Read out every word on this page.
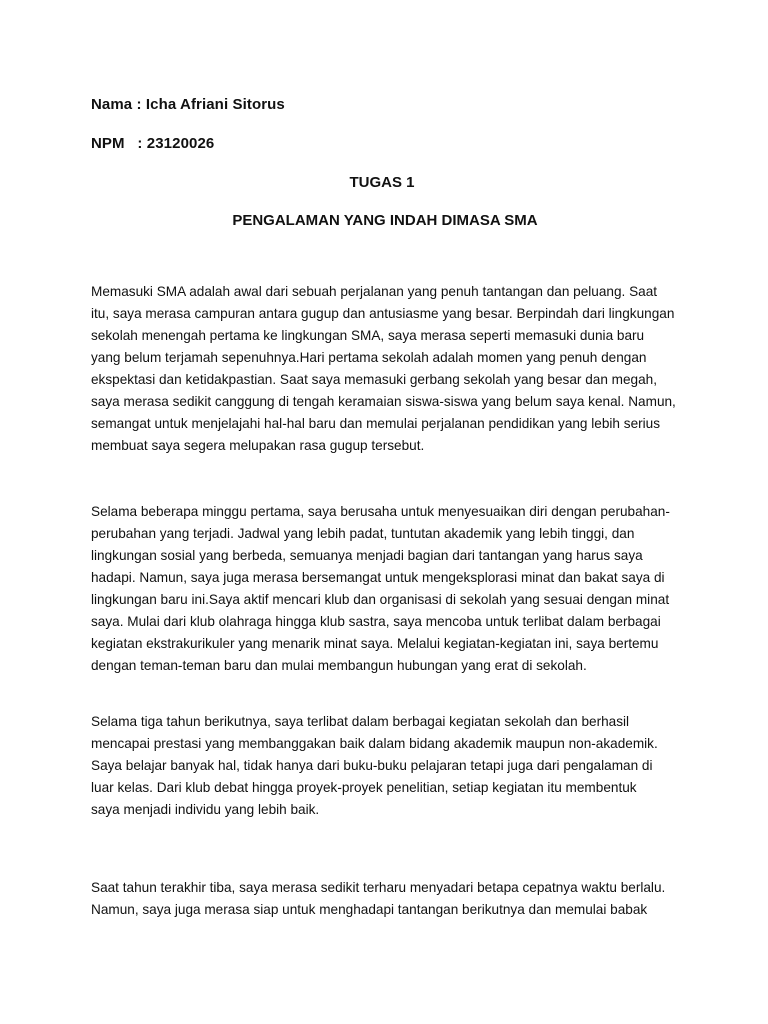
Nama : Icha Afriani Sitorus
NPM   : 23120026
TUGAS 1
PENGALAMAN YANG INDAH DIMASA SMA
Memasuki SMA adalah awal dari sebuah perjalanan yang penuh tantangan dan peluang. Saat
itu, saya merasa campuran antara gugup dan antusiasme yang besar. Berpindah dari lingkungan
sekolah menengah pertama ke lingkungan SMA, saya merasa seperti memasuki dunia baru
yang belum terjamah sepenuhnya.Hari pertama sekolah adalah momen yang penuh dengan
ekspektasi dan ketidakpastian. Saat saya memasuki gerbang sekolah yang besar dan megah,
saya merasa sedikit canggung di tengah keramaian siswa-siswa yang belum saya kenal. Namun,
semangat untuk menjelajahi hal-hal baru dan memulai perjalanan pendidikan yang lebih serius
membuat saya segera melupakan rasa gugup tersebut.
Selama beberapa minggu pertama, saya berusaha untuk menyesuaikan diri dengan perubahan-
perubahan yang terjadi. Jadwal yang lebih padat, tuntutan akademik yang lebih tinggi, dan
lingkungan sosial yang berbeda, semuanya menjadi bagian dari tantangan yang harus saya
hadapi. Namun, saya juga merasa bersemangat untuk mengeksplorasi minat dan bakat saya di
lingkungan baru ini.Saya aktif mencari klub dan organisasi di sekolah yang sesuai dengan minat
saya. Mulai dari klub olahraga hingga klub sastra, saya mencoba untuk terlibat dalam berbagai
kegiatan ekstrakurikuler yang menarik minat saya. Melalui kegiatan-kegiatan ini, saya bertemu
dengan teman-teman baru dan mulai membangun hubungan yang erat di sekolah.
Selama tiga tahun berikutnya, saya terlibat dalam berbagai kegiatan sekolah dan berhasil
mencapai prestasi yang membanggakan baik dalam bidang akademik maupun non-akademik.
Saya belajar banyak hal, tidak hanya dari buku-buku pelajaran tetapi juga dari pengalaman di
luar kelas. Dari klub debat hingga proyek-proyek penelitian, setiap kegiatan itu membentuk
saya menjadi individu yang lebih baik.
Saat tahun terakhir tiba, saya merasa sedikit terharu menyadari betapa cepatnya waktu berlalu.
Namun, saya juga merasa siap untuk menghadapi tantangan berikutnya dan memulai babak
